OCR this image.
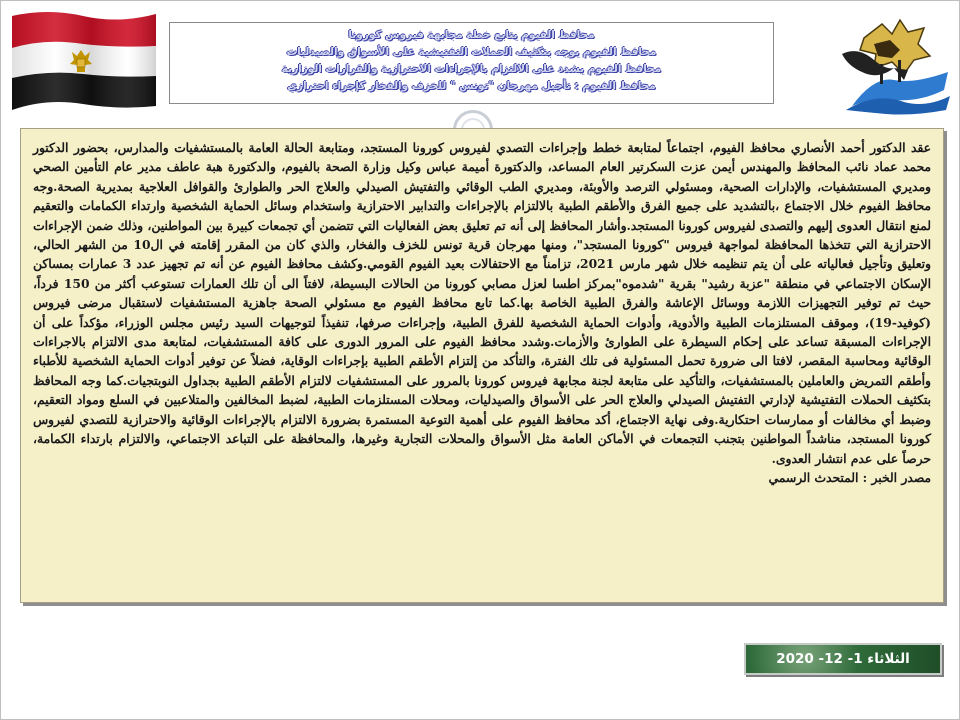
محافظ الفيوم يتابع خطة مجابهة فيروس كورونا
محافظ الفيوم يوجه بتكثيف الحملات التفتيشية على الأسواق والصيدليات
محافظ الفيوم يشدد على الالتزام بالإجراءات الاحترازية والقرارات الوزارية
محافظ الفيوم : تأجيل مهرجان "تونس " للخزف والفخار كإجراء احترازي

عقد الدكتور أحمد الأنصاري محافظ الفيوم، اجتماعاً لمتابعة خطط وإجراءات التصدي لفيروس كورونا المستجد، ومتابعة الحالة العامة بالمستشفيات والمدارس، بحضور الدكتور محمد عماد نائب المحافظ والمهندس أيمن عزت السكرتير العام المساعد، والدكتورة أميمة عباس وكيل وزارة الصحة بالفيوم، والدكتورة هبة عاطف مدير عام التأمين الصحي ومديري المستشفيات، والإدارات الصحية، ومسئولي الترصد والأوبئة، ومديري الطب الوقائي والتفتيش الصيدلي والعلاج الحر والطوارئ والقوافل العلاجية بمديرية الصحة.وجه محافظ الفيوم خلال الاجتماع ،بالتشديد على جميع الفرق والأطقم الطبية بالالتزام بالإجراءات والتدابير الاحترازية واستخدام وسائل الحماية الشخصية وارتداء الكمامات والتعقيم لمنع انتقال العدوى إليهم والتصدى لفيروس كورونا المستجد.وأشار المحافظ إلى أنه تم تعليق بعض الفعاليات التي تتضمن أي تجمعات كبيرة بين المواطنين، وذلك ضمن الإجراءات الاحترازية التي تتخذها المحافظة لمواجهة فيروس "كورونا المستجد"، ومنها مهرجان قرية تونس للخزف والفخار، والذي كان من المقرر إقامته في ال10 من الشهر الحالي، وتعليق وتأجيل فعالياته على أن يتم تنظيمه خلال شهر مارس 2021، تزامناً مع الاحتفالات بعيد الفيوم القومي.وكشف محافظ الفيوم عن أنه تم تجهيز عدد 3 عمارات بمساكن الإسكان الاجتماعي في منطقة "عزبة رشيد" بقرية "شدموه"بمركز اطسا لعزل مصابي كورونا من الحالات البسيطة، لافتاً الى أن تلك العمارات تستوعب أكثر من 150 فرداً، حيث تم توفير التجهيزات اللازمة ووسائل الإعاشة والفرق الطبية الخاصة بها.كما تابع محافظ الفيوم مع مسئولي الصحة جاهزية المستشفيات لاستقبال مرضى فيروس (كوفيد-19)، وموقف المستلزمات الطبية والأدوية، وأدوات الحماية الشخصية للفرق الطبية، وإجراءات صرفها، تنفيذاً لتوجيهات السيد رئيس مجلس الوزراء، مؤكداً على أن الإجراءات المسبقة تساعد على إحكام السيطرة على الطوارئ والأزمات.وشدد محافظ الفيوم على المرور الدورى على كافة المستشفيات، لمتابعة مدى الالتزام بالاجراءات الوقائية ومحاسبة المقصر، لافتا الى ضرورة تحمل المسئولية فى تلك الفترة، والتأكد من إلتزام الأطقم الطبية بإجراءات الوقاية، فضلاً عن توفير أدوات الحماية الشخصية للأطباء وأطقم التمريض والعاملين بالمستشفيات، والتأكيد على متابعة لجنة مجابهة فيروس كورونا بالمرور على المستشفيات لالتزام الأطقم الطبية بجداول النوبتجيات.كما وجه المحافظ بتكثيف الحملات التفتيشية لإدارتي التفتيش الصيدلي والعلاج الحر على الأسواق والصيدليات، ومحلات المستلزمات الطبية، لضبط المخالفين والمتلاعبين في السلع ومواد التعقيم، وضبط أي مخالفات أو ممارسات احتكارية.وفى نهاية الاجتماع، أكد محافظ الفيوم على أهمية التوعية المستمرة بضرورة الالتزام بالإجراءات الوقائية والاحترازية للتصدي لفيروس كورونا المستجد، مناشداً المواطنين بتجنب التجمعات في الأماكن العامة مثل الأسواق والمحلات التجارية وغيرها، والمحافظة على التباعد الاجتماعي، والالتزام بارتداء الكمامة، حرصاً على عدم انتشار العدوى.

مصدر الخبر : المتحدث الرسمي

الثلاثاء 1- 12- 2020
